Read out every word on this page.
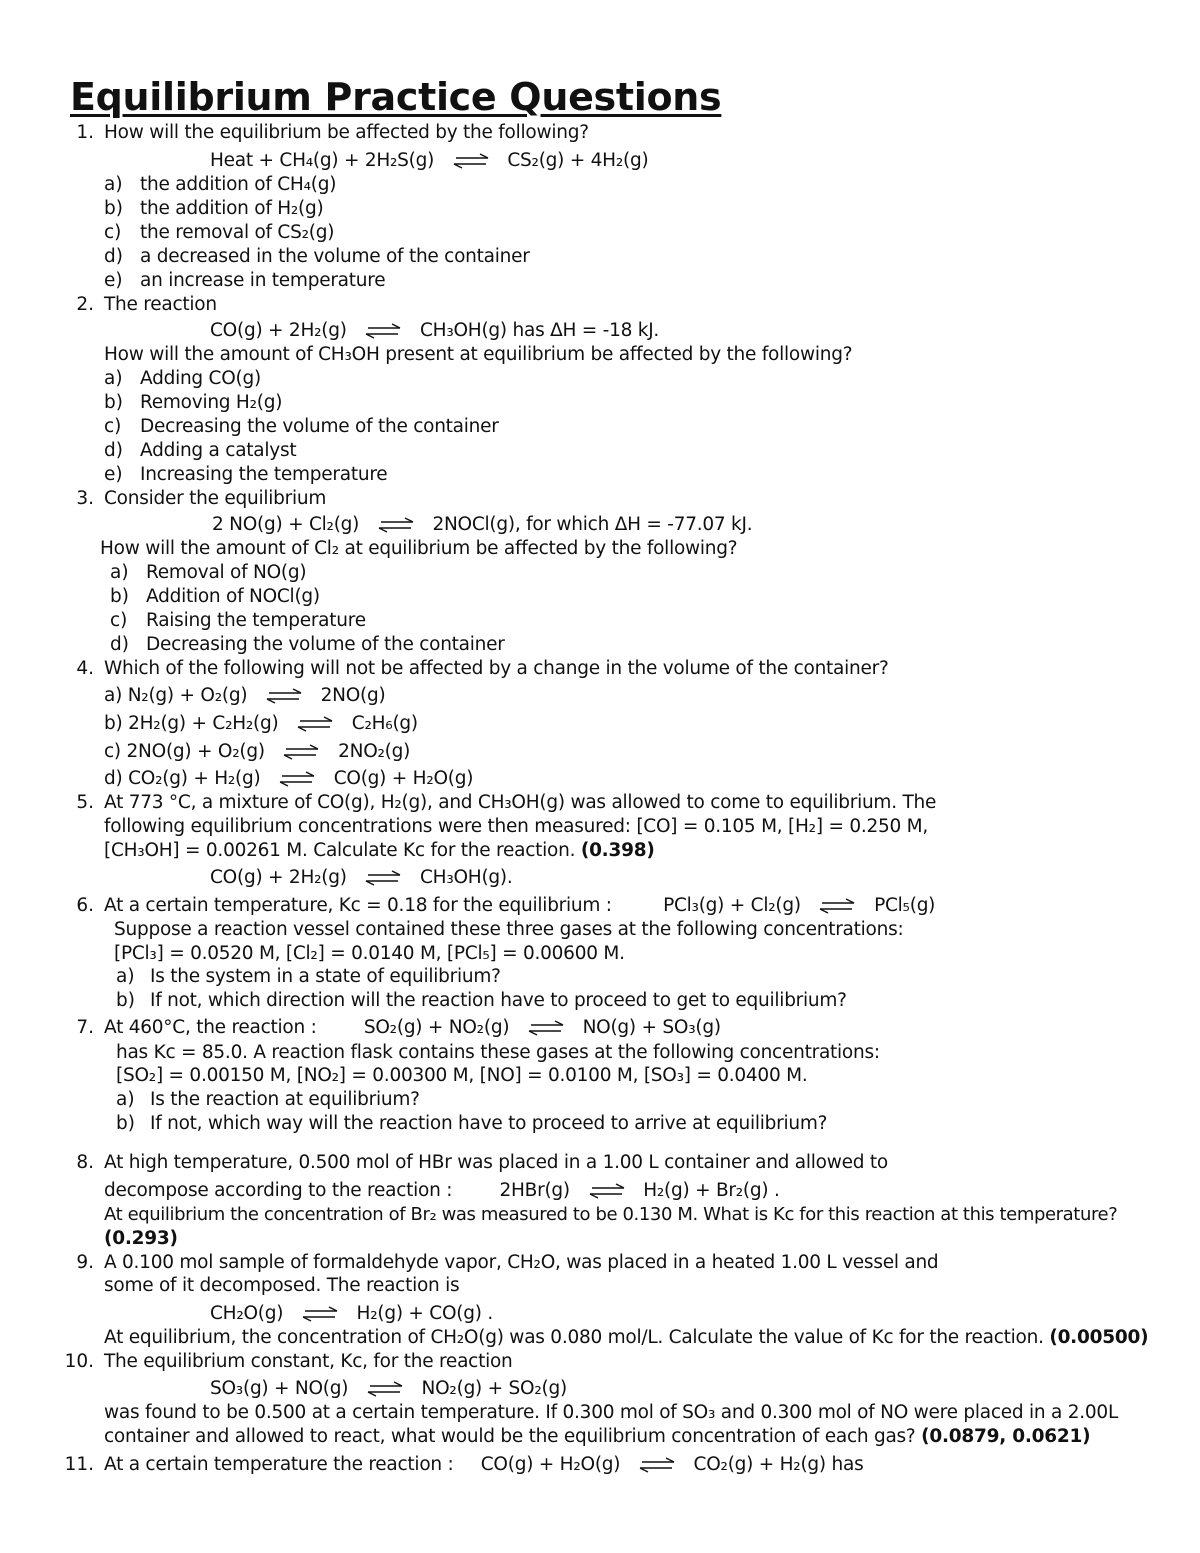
Equilibrium Practice Questions
1. How will the equilibrium be affected by the following?
Heat + CH₄(g) + 2H₂S(g) ⇌ CS₂(g) + 4H₂(g)
a) the addition of CH₄(g)
b) the addition of H₂(g)
c) the removal of CS₂(g)
d) a decreased in the volume of the container
e) an increase in temperature
2. The reaction
CO(g) + 2H₂(g) ⇌ CH₃OH(g) has ΔH = -18 kJ.
How will the amount of CH₃OH present at equilibrium be affected by the following?
a) Adding CO(g)
b) Removing H₂(g)
c) Decreasing the volume of the container
d) Adding a catalyst
e) Increasing the temperature
3. Consider the equilibrium
2 NO(g) + Cl₂(g) ⇌ 2NOCl(g), for which ΔH = -77.07 kJ.
How will the amount of Cl₂ at equilibrium be affected by the following?
a) Removal of NO(g)
b) Addition of NOCl(g)
c) Raising the temperature
d) Decreasing the volume of the container
4. Which of the following will not be affected by a change in the volume of the container?
a) N₂(g) + O₂(g) ⇌ 2NO(g)
b) 2H₂(g) + C₂H₂(g) ⇌ C₂H₆(g)
c) 2NO(g) + O₂(g) ⇌ 2NO₂(g)
d) CO₂(g) + H₂(g) ⇌ CO(g) + H₂O(g)
5. At 773 °C, a mixture of CO(g), H₂(g), and CH₃OH(g) was allowed to come to equilibrium. The
following equilibrium concentrations were then measured: [CO] = 0.105 M, [H₂] = 0.250 M,
[CH₃OH] = 0.00261 M. Calculate Kc for the reaction. (0.398)
CO(g) + 2H₂(g) ⇌ CH₃OH(g).
6. At a certain temperature, Kc = 0.18 for the equilibrium :	PCl₃(g) + Cl₂(g) ⇌ PCl₅(g)
Suppose a reaction vessel contained these three gases at the following concentrations:
[PCl₃] = 0.0520 M, [Cl₂] = 0.0140 M, [PCl₅] = 0.00600 M.
a) Is the system in a state of equilibrium?
b) If not, which direction will the reaction have to proceed to get to equilibrium?
7. At 460°C, the reaction :	SO₂(g) + NO₂(g) ⇌ NO(g) + SO₃(g)
has Kc = 85.0. A reaction flask contains these gases at the following concentrations:
[SO₂] = 0.00150 M, [NO₂] = 0.00300 M, [NO] = 0.0100 M, [SO₃] = 0.0400 M.
a) Is the reaction at equilibrium?
b) If not, which way will the reaction have to proceed to arrive at equilibrium?
8. At high temperature, 0.500 mol of HBr was placed in a 1.00 L container and allowed to
decompose according to the reaction :	2HBr(g) ⇌ H₂(g) + Br₂(g) .
At equilibrium the concentration of Br₂ was measured to be 0.130 M. What is Kc for this reaction at this temperature?
(0.293)
9. A 0.100 mol sample of formaldehyde vapor, CH₂O, was placed in a heated 1.00 L vessel and
some of it decomposed. The reaction is
CH₂O(g) ⇌ H₂(g) + CO(g) .
At equilibrium, the concentration of CH₂O(g) was 0.080 mol/L. Calculate the value of Kc for the reaction. (0.00500)
10. The equilibrium constant, Kc, for the reaction
SO₃(g) + NO(g) ⇌ NO₂(g) + SO₂(g)
was found to be 0.500 at a certain temperature. If 0.300 mol of SO₃ and 0.300 mol of NO were placed in a 2.00L
container and allowed to react, what would be the equilibrium concentration of each gas? (0.0879, 0.0621)
11. At a certain temperature the reaction : CO(g) + H₂O(g) ⇌ CO₂(g) + H₂(g) has
